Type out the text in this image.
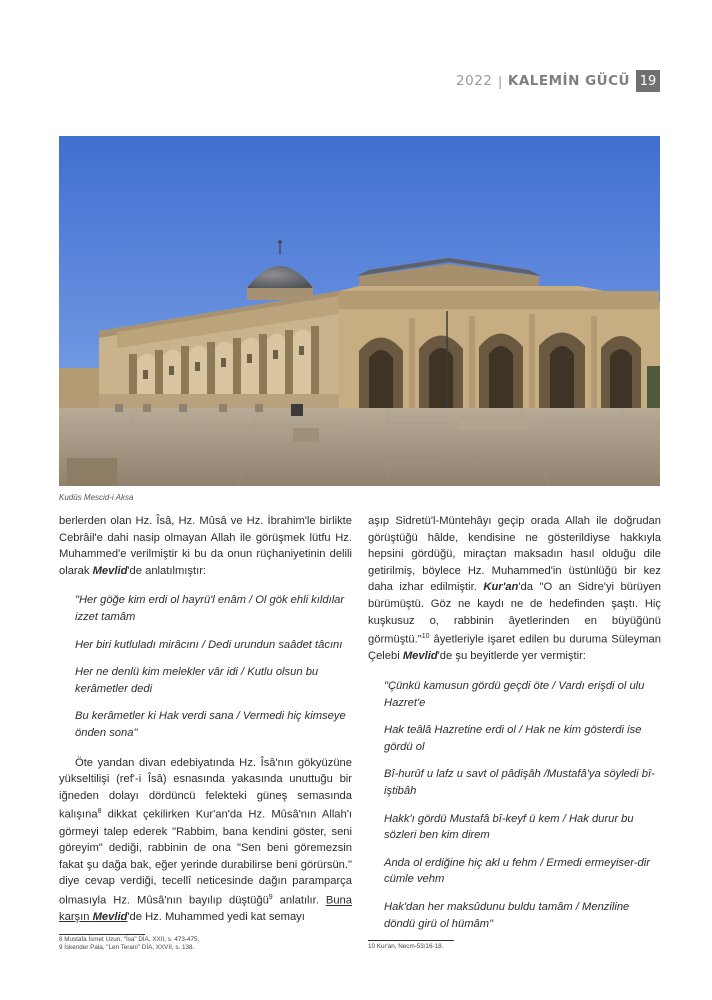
2022 | KALEMİN GÜCÜ 19
Kudüs Mescid-i Aksa

berlerden olan Hz. Îsâ, Hz. Mûsâ ve Hz. İbrahim'le birlikte Cebrâil'e dahi nasip olmayan Allah ile görüşmek lütfu Hz. Muhammed'e verilmiştir ki bu da onun rüçhaniyetinin delili olarak Mevlid'de anlatılmıştır:

"Her göğe kim erdi ol hayrü'l enâm / Ol gök ehli kıldılar izzet tamâm

Her biri kutluladı mirâcını / Dedi urundun saâdet tâcını

Her ne denlü kim melekler vâr idi / Kutlu olsun bu kerâmetler dedi

Bu kerâmetler ki Hak verdi sana / Vermedi hiç kimseye önden sona"

Öte yandan divan edebiyatında Hz. Îsâ'nın gökyüzüne yükseltilişi (ref'-i Îsâ) esnasında yakasında unuttuğu bir iğneden dolayı dördüncü felekteki güneş semasında kalışına$^8$ dikkat çekilirken Kur'an'da Hz. Mûsâ'nın Allah'ı görmeyi talep ederek "Rabbim, bana kendini göster, seni göreyim" dediği, rabbinin de ona "Sen beni göremezsin fakat şu dağa bak, eğer yerinde durabilirse beni görürsün." diye cevap verdiği, tecellî neticesinde dağın paramparça olmasıyla Hz. Mûsâ'nın bayılıp düştüğü$^9$ anlatılır. Buna karşın Mevlid'de Hz. Muhammed yedi kat semayı

8 Mustafa İsmet Uzun, "İsa" DİA, XXII, s. 473-475.
9 İskender Pala, "Len Terani" DİA, XXVII, s. 138.

aşıp Sidretü'l-Müntehâyı geçip orada Allah ile doğrudan görüştüğü hâlde, kendisine ne gösterildiyse hakkıyla hepsini gördüğü, miraçtan maksadın hasıl olduğu dile getirilmiş, böylece Hz. Muhammed'in üstünlüğü bir kez daha izhar edilmiştir. Kur'an'da "O an Sidre'yi bürüyen bürümüştü. Göz ne kaydı ne de hedefinden şaştı. Hiç kuşkusuz o, rabbinin âyetlerinden en büyüğünü görmüştü."$^{10}$ âyetleriyle işaret edilen bu duruma Süleyman Çelebi Mevlid'de şu beyitlerde yer vermiştir:

"Çünkü kamusun gördü geçdi öte / Vardı erişdi ol ulu Hazret'e

Hak teâlâ Hazretine erdi ol / Hak ne kim gösterdi ise gördü ol

Bî-hurûf u lafz u savt ol pâdişâh /Mustafâ'ya söyledi bî-iştibâh

Hakk'ı gördü Mustafâ bî-keyf ü kem / Hak durur bu sözleri ben kim direm

Anda ol erdiğine hiç akl u fehm / Ermedi ermeyiser-dir cümle vehm

Hak'dan her maksûdunu buldu tamâm / Menziline döndü girü ol hümâm"

10 Kur'an, Necm-53/16-18.
